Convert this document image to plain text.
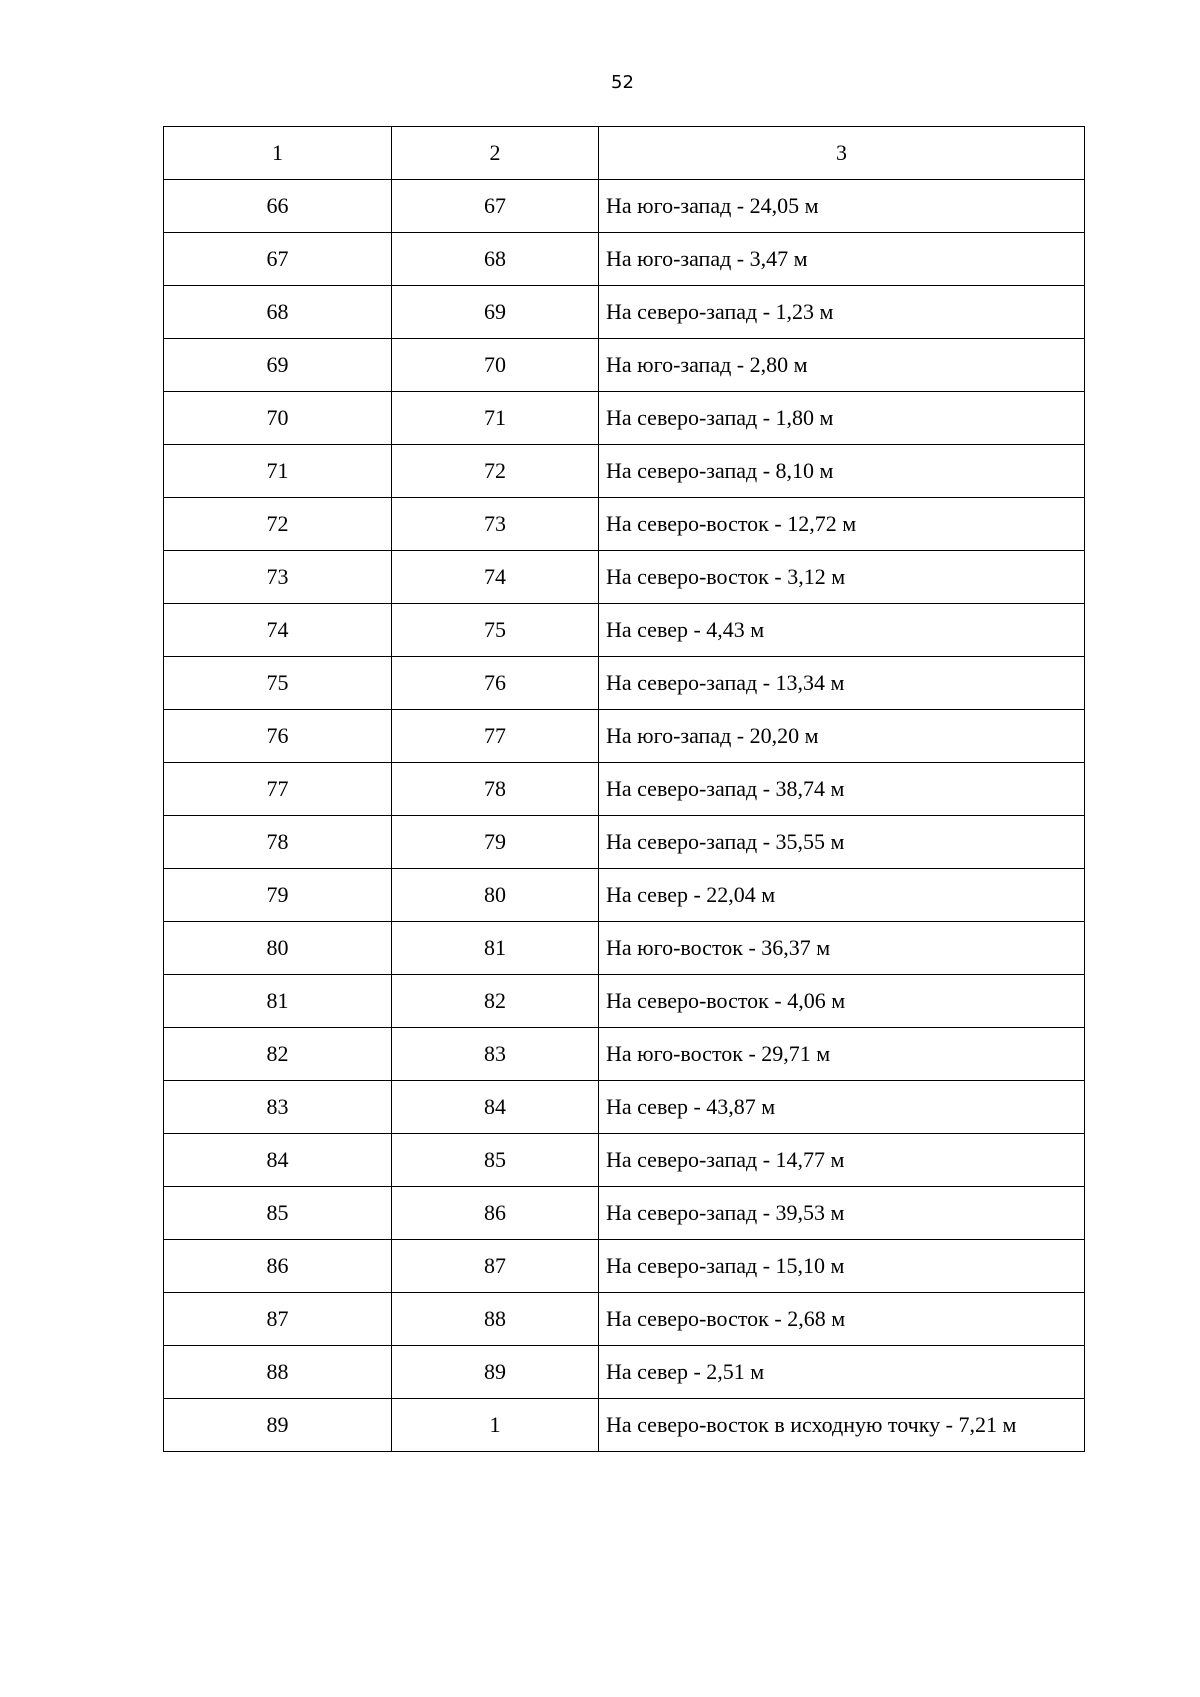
52
1	2	3
66	67	На юго-запад - 24,05 м
67	68	На юго-запад - 3,47 м
68	69	На северо-запад - 1,23 м
69	70	На юго-запад - 2,80 м
70	71	На северо-запад - 1,80 м
71	72	На северо-запад - 8,10 м
72	73	На северо-восток - 12,72 м
73	74	На северо-восток - 3,12 м
74	75	На север - 4,43 м
75	76	На северо-запад - 13,34 м
76	77	На юго-запад - 20,20 м
77	78	На северо-запад - 38,74 м
78	79	На северо-запад - 35,55 м
79	80	На север - 22,04 м
80	81	На юго-восток - 36,37 м
81	82	На северо-восток - 4,06 м
82	83	На юго-восток - 29,71 м
83	84	На север - 43,87 м
84	85	На северо-запад - 14,77 м
85	86	На северо-запад - 39,53 м
86	87	На северо-запад - 15,10 м
87	88	На северо-восток - 2,68 м
88	89	На север - 2,51 м
89	1	На северо-восток в исходную точку - 7,21 м
